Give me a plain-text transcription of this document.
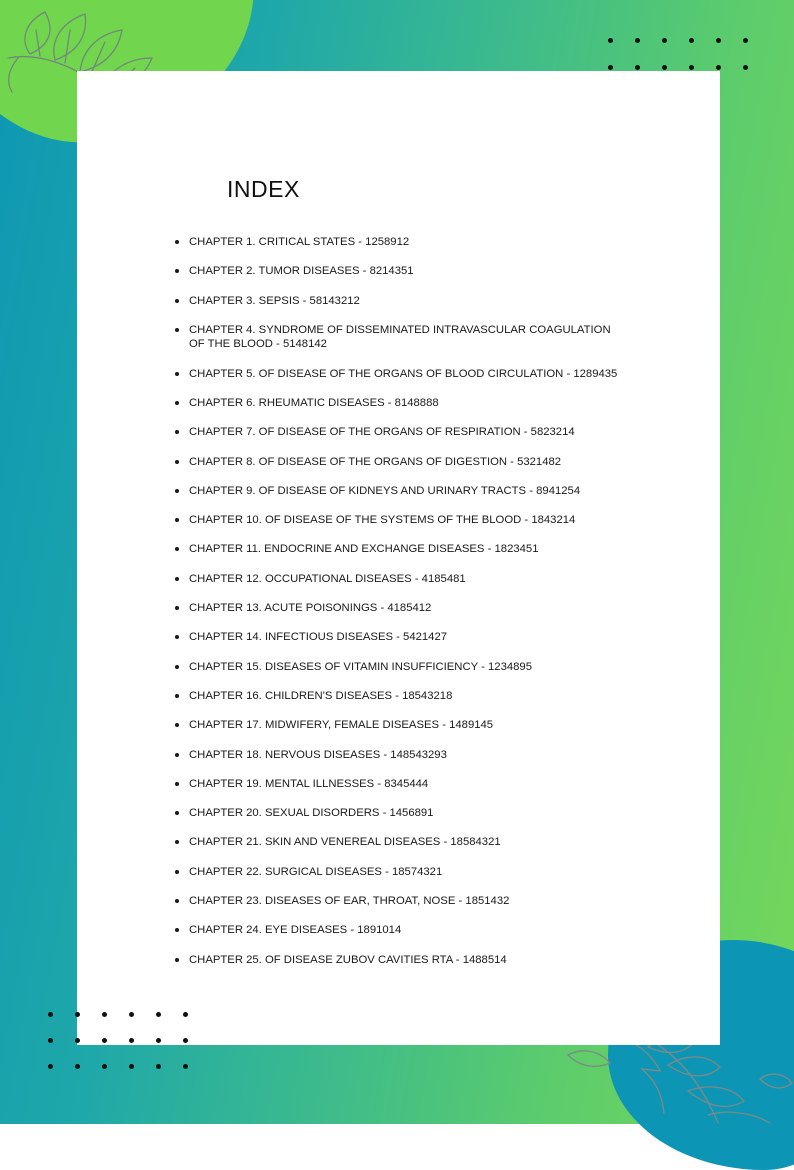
INDEX
CHAPTER 1. CRITICAL STATES - 1258912
CHAPTER 2. TUMOR DISEASES - 8214351
CHAPTER 3. SEPSIS - 58143212
CHAPTER 4. SYNDROME OF DISSEMINATED INTRAVASCULAR COAGULATION OF THE BLOOD - 5148142
CHAPTER 5. OF DISEASE OF THE ORGANS OF BLOOD CIRCULATION - 1289435
CHAPTER 6. RHEUMATIC DISEASES - 8148888
CHAPTER 7. OF DISEASE OF THE ORGANS OF RESPIRATION - 5823214
CHAPTER 8. OF DISEASE OF THE ORGANS OF DIGESTION - 5321482
CHAPTER 9. OF DISEASE OF KIDNEYS AND URINARY TRACTS - 8941254
CHAPTER 10. OF DISEASE OF THE SYSTEMS OF THE BLOOD - 1843214
CHAPTER 11. ENDOCRINE AND EXCHANGE DISEASES - 1823451
CHAPTER 12. OCCUPATIONAL DISEASES - 4185481
CHAPTER 13. ACUTE POISONINGS - 4185412
CHAPTER 14. INFECTIOUS DISEASES - 5421427
CHAPTER 15. DISEASES OF VITAMIN INSUFFICIENCY - 1234895
CHAPTER 16. CHILDREN'S DISEASES - 18543218
CHAPTER 17. MIDWIFERY, FEMALE DISEASES - 1489145
CHAPTER 18. NERVOUS DISEASES - 148543293
CHAPTER 19. MENTAL ILLNESSES - 8345444
CHAPTER 20. SEXUAL DISORDERS - 1456891
CHAPTER 21. SKIN AND VENEREAL DISEASES - 18584321
CHAPTER 22. SURGICAL DISEASES - 18574321
CHAPTER 23. DISEASES OF EAR, THROAT, NOSE - 1851432
CHAPTER 24. EYE DISEASES - 1891014
CHAPTER 25. OF DISEASE ZUBOV CAVITIES RTA - 1488514
